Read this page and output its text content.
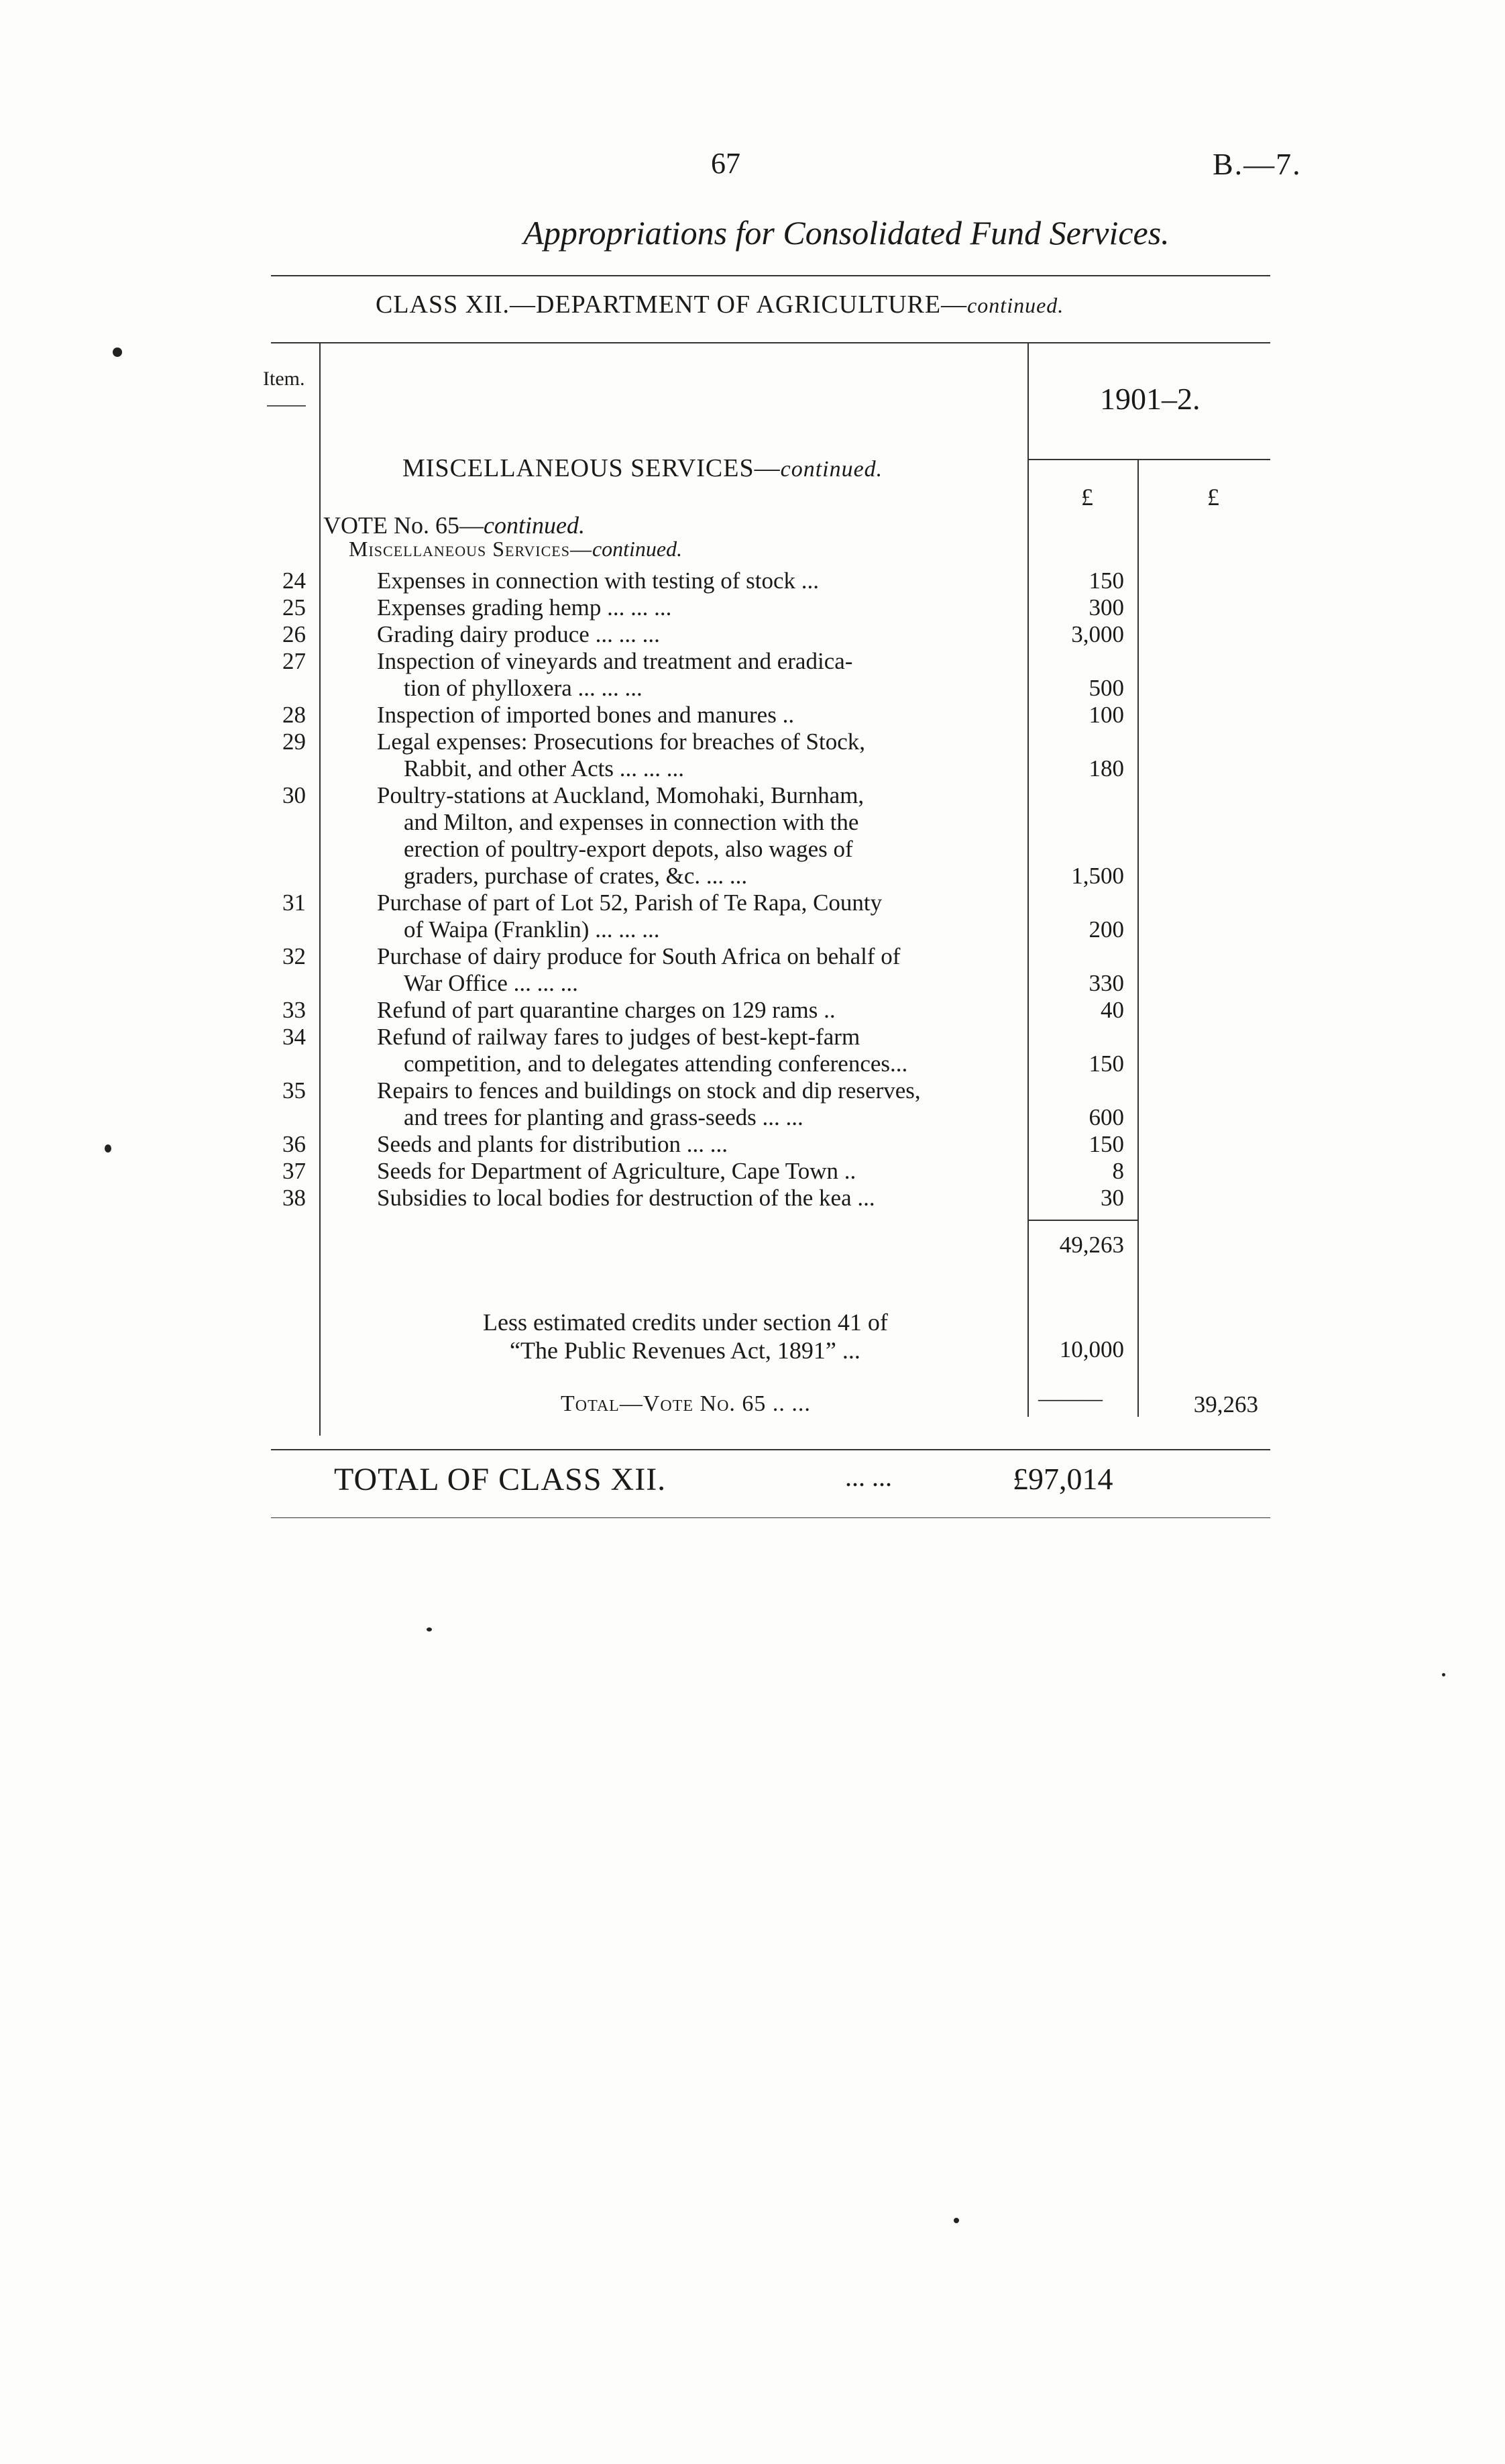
67	B.—7.
Appropriations for Consolidated Fund Services.
CLASS XII.—DEPARTMENT OF AGRICULTURE—continued.
Item.
1901–2.
MISCELLANEOUS SERVICES—continued.
£	£
VOTE No. 65—continued.
Miscellaneous Services—continued.
24	Expenses in connection with testing of stock ...	150
25	Expenses grading hemp ... ... ...	300
26	Grading dairy produce ... ... ...	3,000
27	Inspection of vineyards and treatment and eradica-
tion of phylloxera ... ... ...	500
28	Inspection of imported bones and manures ..	100
29	Legal expenses: Prosecutions for breaches of Stock,
Rabbit, and other Acts ... ... ...	180
30	Poultry-stations at Auckland, Momohaki, Burnham,
and Milton, and expenses in connection with the
erection of poultry-export depots, also wages of
graders, purchase of crates, &c. ... ...	1,500
31	Purchase of part of Lot 52, Parish of Te Rapa, County
of Waipa (Franklin) ... ... ...	200
32	Purchase of dairy produce for South Africa on behalf of
War Office ... ... ...	330
33	Refund of part quarantine charges on 129 rams ..	40
34	Refund of railway fares to judges of best-kept-farm
competition, and to delegates attending conferences...	150
35	Repairs to fences and buildings on stock and dip reserves,
and trees for planting and grass-seeds ... ...	600
36	Seeds and plants for distribution ... ...	150
37	Seeds for Department of Agriculture, Cape Town ..	8
38	Subsidies to local bodies for destruction of the kea ...	30
49,263
Less estimated credits under section 41 of
“The Public Revenues Act, 1891” ...	10,000
Total—Vote No. 65 .. ...	———	39,263
TOTAL OF CLASS XII.	... ...	£97,014
